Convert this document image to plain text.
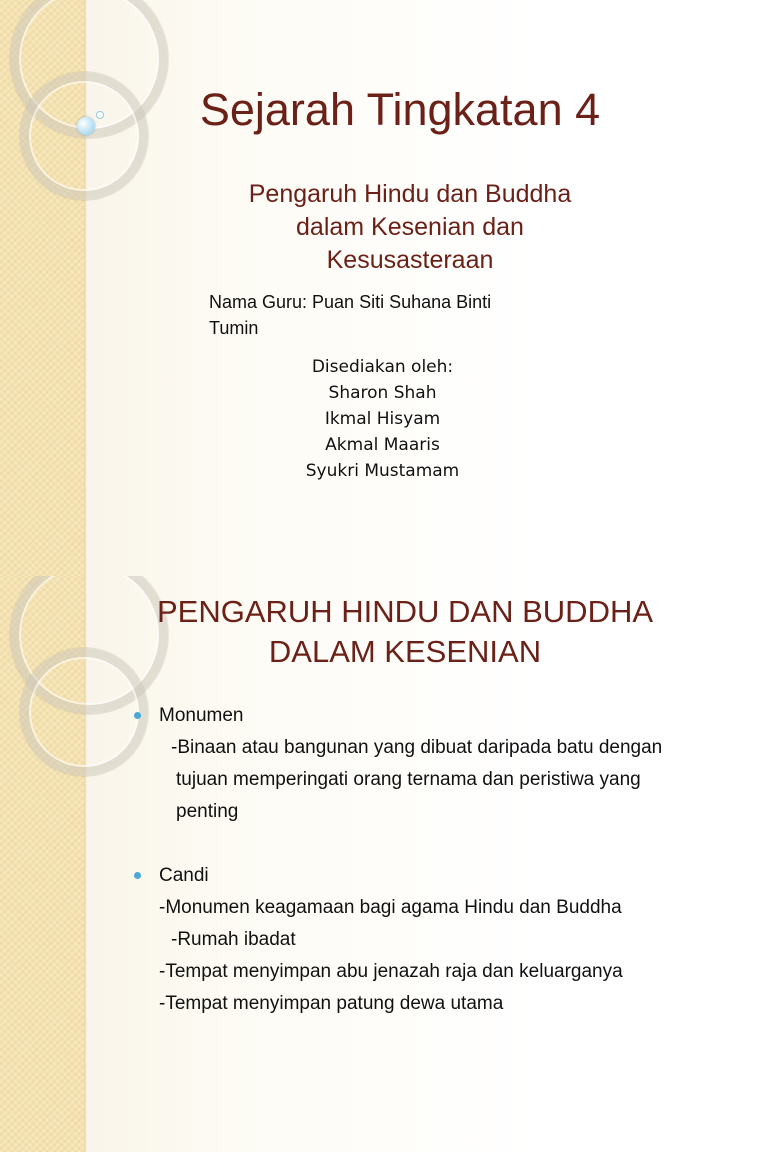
Sejarah Tingkatan 4
Pengaruh Hindu dan Buddha
dalam Kesenian dan
Kesusasteraan
Nama Guru: Puan Siti Suhana Binti
Tumin
Disediakan oleh:
Sharon Shah
Ikmal Hisyam
Akmal Maaris
Syukri Mustamam
PENGARUH HINDU DAN BUDDHA
DALAM KESENIAN
Monumen
-Binaan atau bangunan yang dibuat daripada batu dengan
tujuan memperingati orang ternama dan peristiwa yang
penting
Candi
-Monumen keagamaan bagi agama Hindu dan Buddha
-Rumah ibadat
-Tempat menyimpan abu jenazah raja dan keluarganya
-Tempat menyimpan patung dewa utama
